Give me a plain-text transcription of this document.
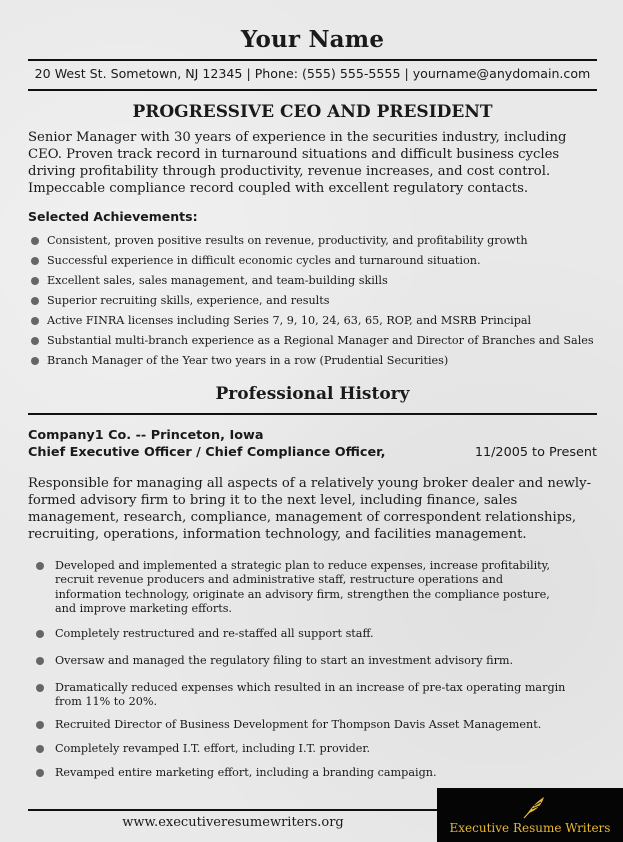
Your Name
20 West St. Sometown, NJ 12345 | Phone: (555) 555-5555 | yourname@anydomain.com
PROGRESSIVE CEO AND PRESIDENT
Senior Manager with 30 years of experience in the securities industry, including CEO. Proven track record in turnaround situations and difficult business cycles driving profitability through productivity, revenue increases, and cost control. Impeccable compliance record coupled with excellent regulatory contacts.
Selected Achievements:
Consistent, proven positive results on revenue, productivity, and profitability growth
Successful experience in difficult economic cycles and turnaround situation.
Excellent sales, sales management, and team-building skills
Superior recruiting skills, experience, and results
Active FINRA licenses including Series 7, 9, 10, 24, 63, 65, ROP, and MSRB Principal
Substantial multi-branch experience as a Regional Manager and Director of Branches and Sales
Branch Manager of the Year two years in a row (Prudential Securities)
Professional History
Company1 Co. -- Princeton, Iowa
Chief Executive Officer / Chief Compliance Officer,	11/2005 to Present
Responsible for managing all aspects of a relatively young broker dealer and newly-formed advisory firm to bring it to the next level, including finance, sales management, research, compliance, management of correspondent relationships, recruiting, operations, information technology, and facilities management.
Developed and implemented a strategic plan to reduce expenses, increase profitability, recruit revenue producers and administrative staff, restructure operations and information technology, originate an advisory firm, strengthen the compliance posture, and improve marketing efforts.
Completely restructured and re-staffed all support staff.
Oversaw and managed the regulatory filing to start an investment advisory firm.
Dramatically reduced expenses which resulted in an increase of pre-tax operating margin from 11% to 20%.
Recruited Director of Business Development for Thompson Davis Asset Management.
Completely revamped I.T. effort, including I.T. provider.
Revamped entire marketing effort, including a branding campaign.
www.executiveresumewriters.org	Executive Resume Writers
